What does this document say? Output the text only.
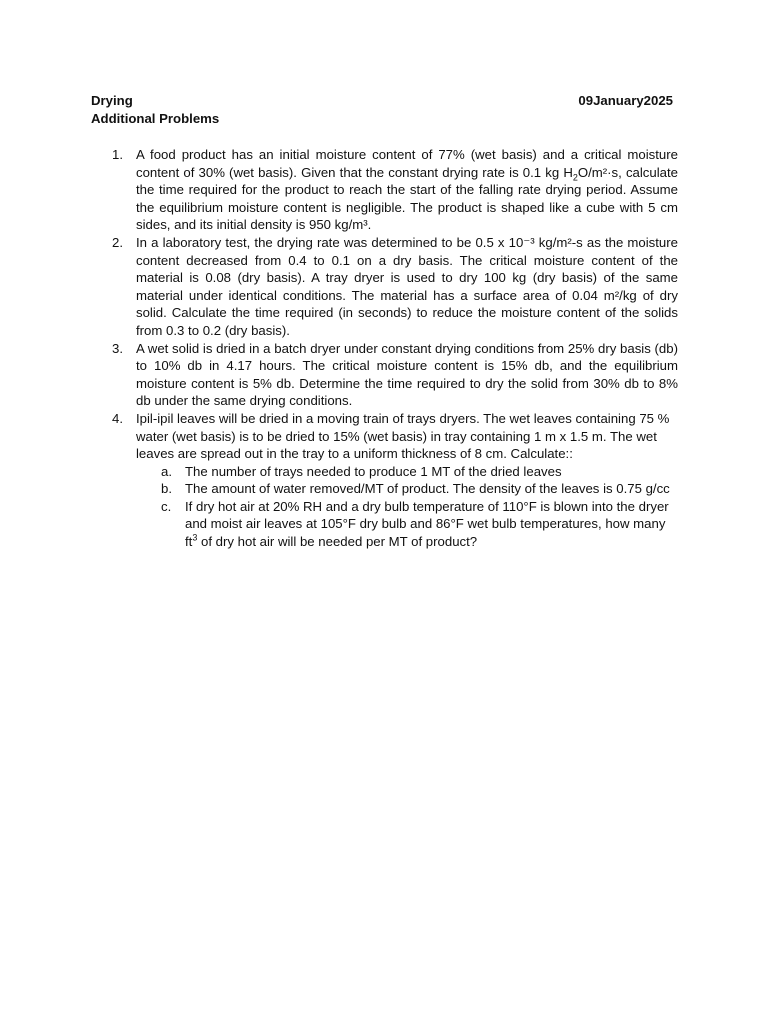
Drying	09January2025
Additional Problems
1. A food product has an initial moisture content of 77% (wet basis) and a critical moisture content of 30% (wet basis). Given that the constant drying rate is 0.1 kg $H_2O/m^2\cdot s$, calculate the time required for the product to reach the start of the falling rate drying period. Assume the equilibrium moisture content is negligible. The product is shaped like a cube with 5 cm sides, and its initial density is 950 kg/m³.
2. In a laboratory test, the drying rate was determined to be 0.5 x 10⁻³ kg/m²-s as the moisture content decreased from 0.4 to 0.1 on a dry basis. The critical moisture content of the material is 0.08 (dry basis). A tray dryer is used to dry 100 kg (dry basis) of the same material under identical conditions. The material has a surface area of 0.04 m²/kg of dry solid. Calculate the time required (in seconds) to reduce the moisture content of the solids from 0.3 to 0.2 (dry basis).
3. A wet solid is dried in a batch dryer under constant drying conditions from 25% dry basis (db) to 10% db in 4.17 hours. The critical moisture content is 15% db, and the equilibrium moisture content is 5% db. Determine the time required to dry the solid from 30% db to 8% db under the same drying conditions.
4. Ipil-ipil leaves will be dried in a moving train of trays dryers. The wet leaves containing 75 % water (wet basis) is to be dried to 15% (wet basis) in tray containing 1 m x 1.5 m. The wet leaves are spread out in the tray to a uniform thickness of 8 cm. Calculate::
a. The number of trays needed to produce 1 MT of the dried leaves
b. The amount of water removed/MT of product. The density of the leaves is 0.75 g/cc
c. If dry hot air at 20% RH and a dry bulb temperature of 110°F is blown into the dryer and moist air leaves at 105°F dry bulb and 86°F wet bulb temperatures, how many $ft^3$ of dry hot air will be needed per MT of product?
